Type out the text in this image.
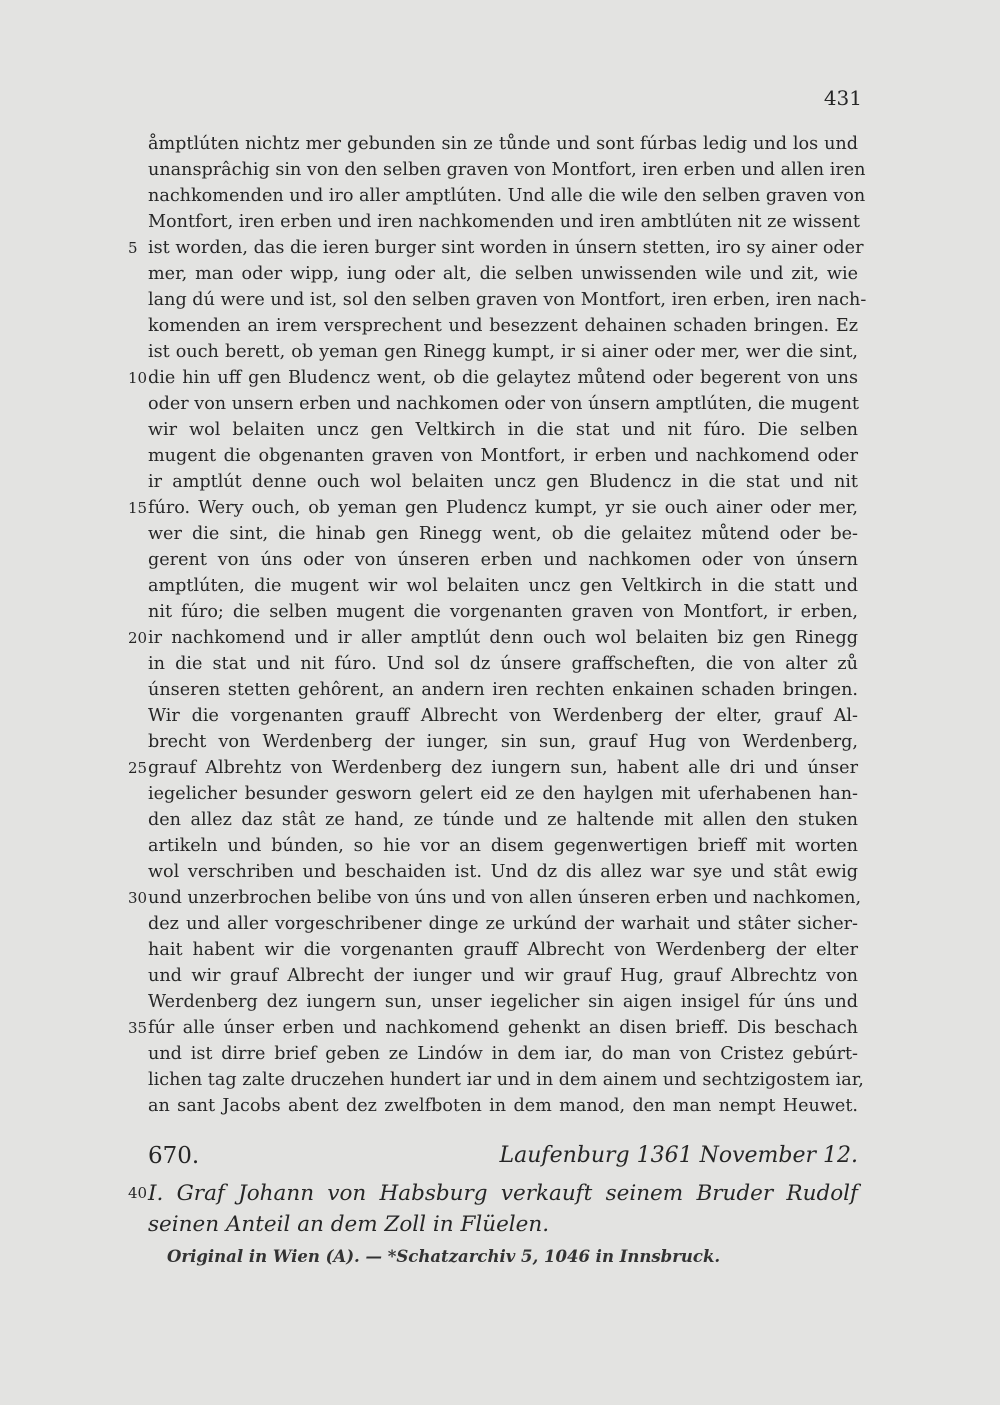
431
åmptlúten nichtz mer gebunden sin ze tůnde und sont fúrbas ledig und los und
unansprâchig sin von den selben graven von Montfort, iren erben und allen iren
nachkomenden und iro aller amptlúten. Und alle die wile den selben graven von
Montfort, iren erben und iren nachkomenden und iren ambtlúten nit ze wissent
5 ist worden, das die ieren burger sint worden in únsern stetten, iro sy ainer oder
mer, man oder wipp, iung oder alt, die selben unwissenden wile und zit, wie
lang dú were und ist, sol den selben graven von Montfort, iren erben, iren nach-
komenden an irem versprechent und besezzent dehainen schaden bringen. Ez
ist ouch berett, ob yeman gen Rinegg kumpt, ir si ainer oder mer, wer die sint,
10 die hin uff gen Bludencz went, ob die gelaytez můtend oder begerent von uns
oder von unsern erben und nachkomen oder von únsern amptlúten, die mugent
wir wol belaiten uncz gen Veltkirch in die stat und nit fúro. Die selben
mugent die obgenanten graven von Montfort, ir erben und nachkomend oder
ir amptlút denne ouch wol belaiten uncz gen Bludencz in die stat und nit
15 fúro. Wery ouch, ob yeman gen Pludencz kumpt, yr sie ouch ainer oder mer,
wer die sint, die hinab gen Rinegg went, ob die gelaitez můtend oder be-
gerent von úns oder von únseren erben und nachkomen oder von únsern
amptlúten, die mugent wir wol belaiten uncz gen Veltkirch in die statt und
nit fúro; die selben mugent die vorgenanten graven von Montfort, ir erben,
20 ir nachkomend und ir aller amptlút denn ouch wol belaiten biz gen Rinegg
in die stat und nit fúro. Und sol dz únsere graffscheften, die von alter zů
únseren stetten gehôrent, an andern iren rechten enkainen schaden bringen.
Wir die vorgenanten grauff Albrecht von Werdenberg der elter, grauf Al-
brecht von Werdenberg der iunger, sin sun, grauf Hug von Werdenberg,
25 grauf Albrehtz von Werdenberg dez iungern sun, habent alle dri und únser
iegelicher besunder gesworn gelert eid ze den haylgen mit uferhabenen han-
den allez daz stât ze hand, ze túnde und ze haltende mit allen den stuken
artikeln und búnden, so hie vor an disem gegenwertigen brieff mit worten
wol verschriben und beschaiden ist. Und dz dis allez war sye und stât ewig
30 und unzerbrochen belibe von úns und von allen únseren erben und nachkomen,
dez und aller vorgeschribener dinge ze urkúnd der warhait und stâter sicher-
hait habent wir die vorgenanten grauff Albrecht von Werdenberg der elter
und wir grauf Albrecht der iunger und wir grauf Hug, grauf Albrechtz von
Werdenberg dez iungern sun, unser iegelicher sin aigen insigel fúr úns und
35 fúr alle únser erben und nachkomend gehenkt an disen brieff. Dis beschach
und ist dirre brief geben ze Lindów in dem iar, do man von Cristez gebúrt-
lichen tag zalte druczehen hundert iar und in dem ainem und sechtzigostem iar,
an sant Jacobs abent dez zwelfboten in dem manod, den man nempt Heuwet.
670.	Laufenburg 1361 November 12.
40 I. Graf Johann von Habsburg verkauft seinem Bruder Rudolf
seinen Anteil an dem Zoll in Flüelen.
Original in Wien (A). — *Schatzarchiv 5, 1046 in Innsbruck.
